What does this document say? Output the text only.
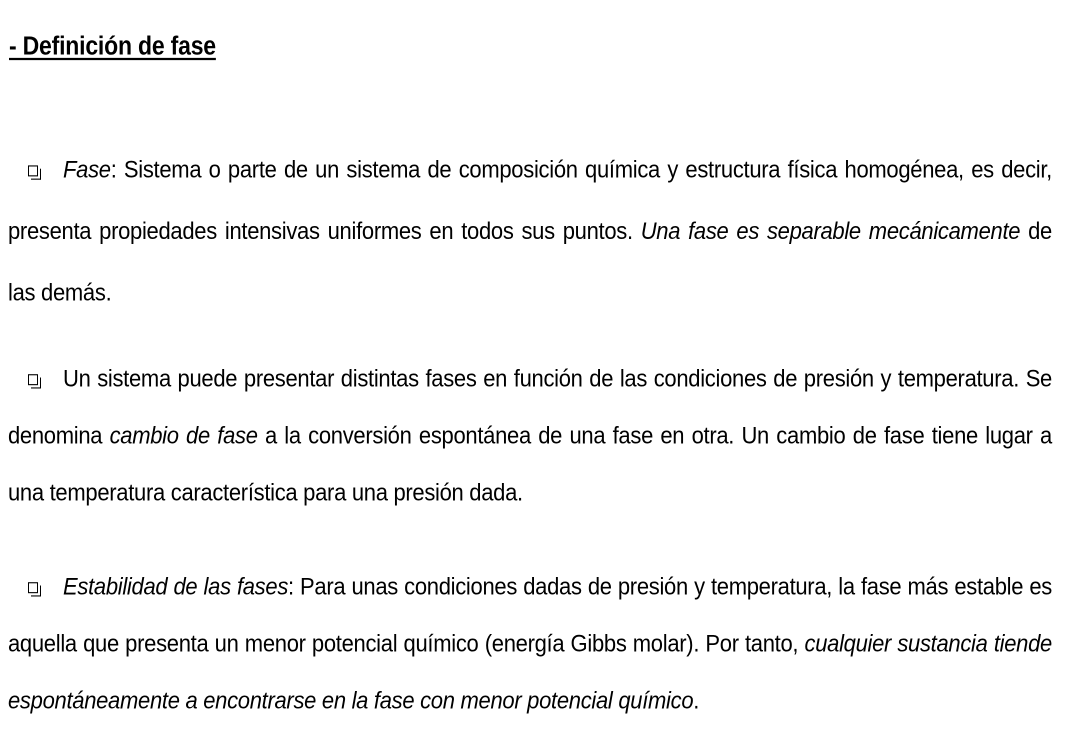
- Definición de fase

Fase: Sistema o parte de un sistema de composición química y estructura física homogénea, es decir, presenta propiedades intensivas uniformes en todos sus puntos. Una fase es separable mecánicamente de las demás.

Un sistema puede presentar distintas fases en función de las condiciones de presión y temperatura. Se denomina cambio de fase a la conversión espontánea de una fase en otra. Un cambio de fase tiene lugar a una temperatura característica para una presión dada.

Estabilidad de las fases: Para unas condiciones dadas de presión y temperatura, la fase más estable es aquella que presenta un menor potencial químico (energía Gibbs molar). Por tanto, cualquier sustancia tiende espontáneamente a encontrarse en la fase con menor potencial químico.
